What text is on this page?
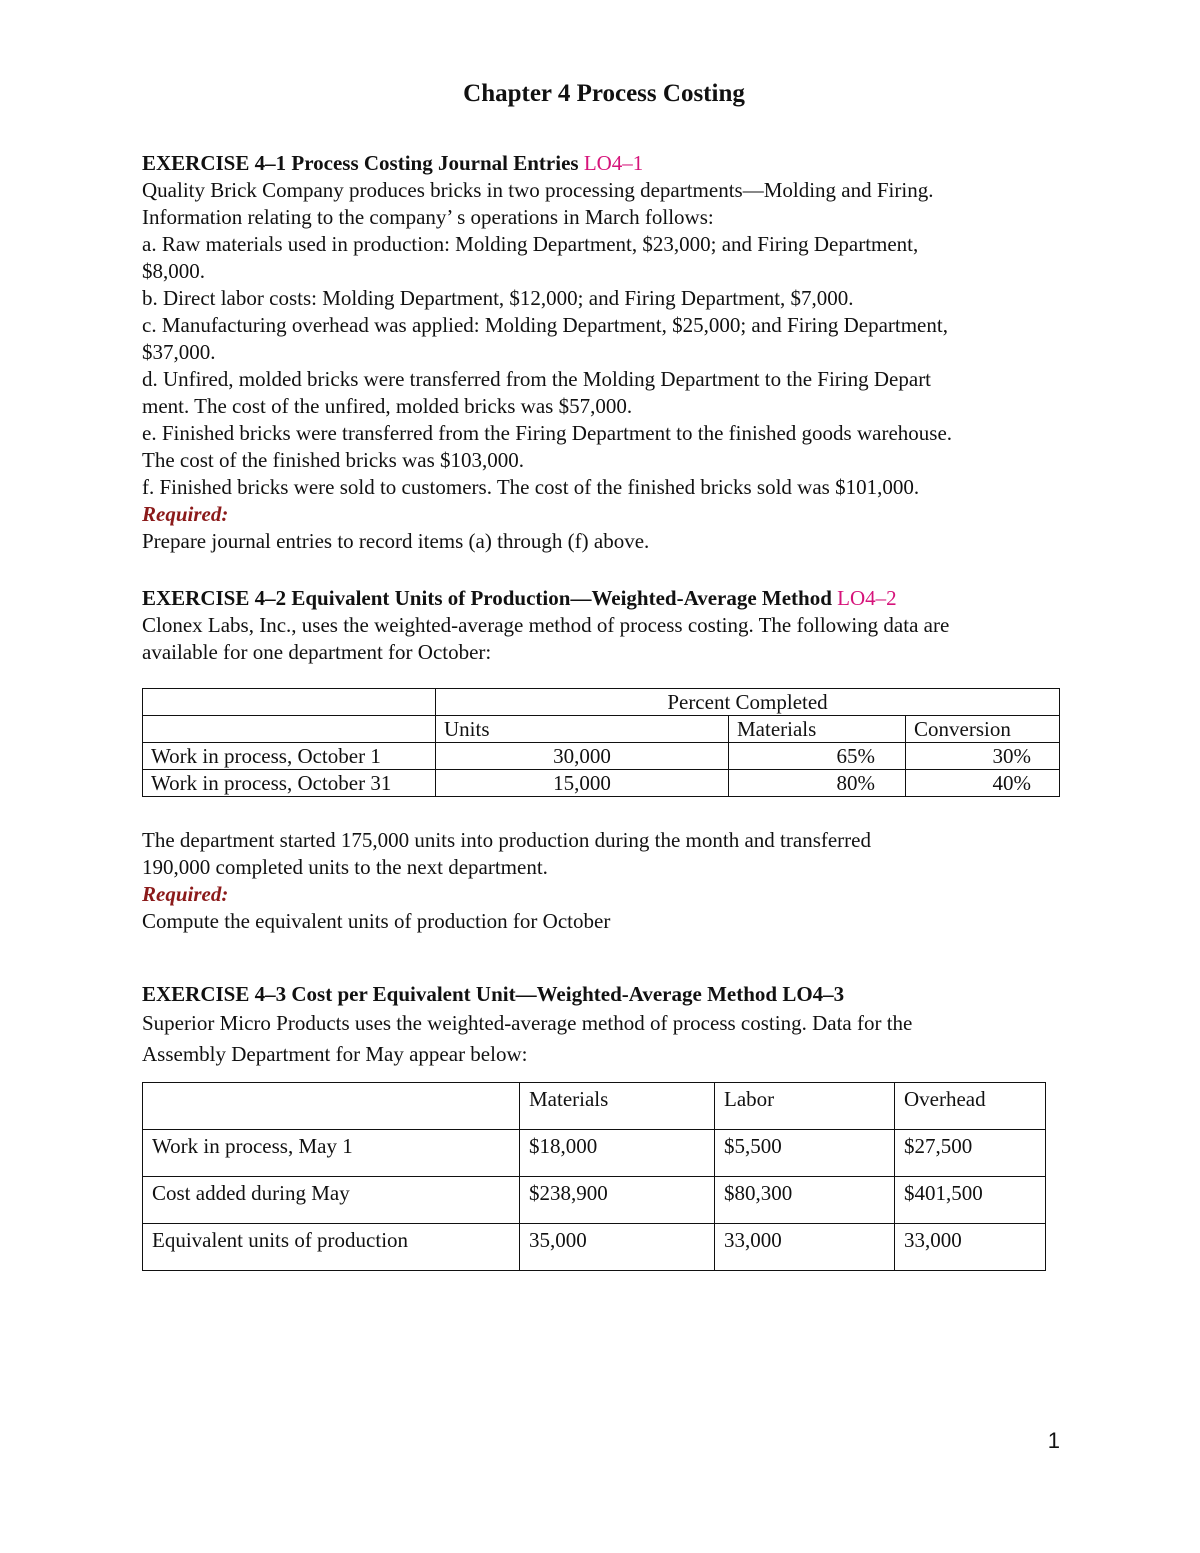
Chapter 4 Process Costing

EXERCISE 4–1 Process Costing Journal Entries LO4–1

Quality Brick Company produces bricks in two processing departments—Molding and Firing.

Information relating to the company’ s operations in March follows:

a. Raw materials used in production: Molding Department, $23,000; and Firing Department,

$8,000.

b. Direct labor costs: Molding Department, $12,000; and Firing Department, $7,000.

c. Manufacturing overhead was applied: Molding Department, $25,000; and Firing Department,

$37,000.

d. Unfired, molded bricks were transferred from the Molding Department to the Firing Depart

ment. The cost of the unfired, molded bricks was $57,000.

e. Finished bricks were transferred from the Firing Department to the finished goods warehouse.

The cost of the finished bricks was $103,000.

f. Finished bricks were sold to customers. The cost of the finished bricks sold was $101,000.

Required:

Prepare journal entries to record items (a) through (f) above.

EXERCISE 4–2 Equivalent Units of Production—Weighted-Average Method LO4–2

Clonex Labs, Inc., uses the weighted-average method of process costing. The following data are

available for one department for October:

	Percent Completed		
	Units	Materials	Conversion
Work in process, October 1	30,000	65%	30%
Work in process, October 31	15,000	80%	40%

The department started 175,000 units into production during the month and transferred

190,000 completed units to the next department.

Required:

Compute the equivalent units of production for October

EXERCISE 4–3 Cost per Equivalent Unit—Weighted-Average Method LO4–3

Superior Micro Products uses the weighted-average method of process costing. Data for the

Assembly Department for May appear below:

	Materials	Labor	Overhead
Work in process, May 1	$18,000	$5,500	$27,500
Cost added during May	$238,900	$80,300	$401,500
Equivalent units of production	35,000	33,000	33,000
1
